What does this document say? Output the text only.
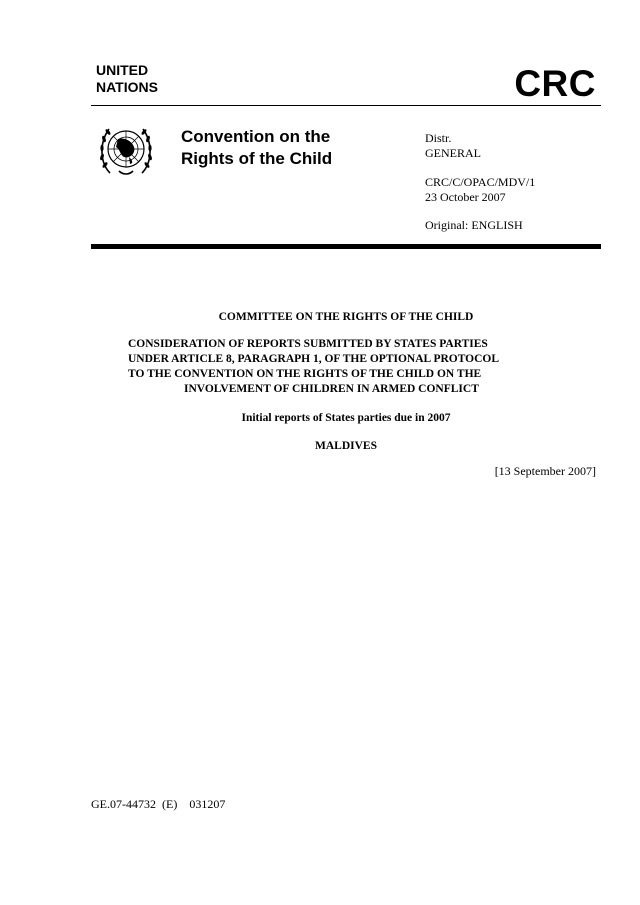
UNITED
NATIONS	CRC
Convention on the
Rights of the Child
Distr.
GENERAL
CRC/C/OPAC/MDV/1
23 October 2007
Original: ENGLISH
COMMITTEE ON THE RIGHTS OF THE CHILD
CONSIDERATION OF REPORTS SUBMITTED BY STATES PARTIES
UNDER ARTICLE 8, PARAGRAPH 1, OF THE OPTIONAL PROTOCOL
TO THE CONVENTION ON THE RIGHTS OF THE CHILD ON THE
INVOLVEMENT OF CHILDREN IN ARMED CONFLICT
Initial reports of States parties due in 2007
MALDIVES
[13 September 2007]
GE.07-44732  (E)    031207
